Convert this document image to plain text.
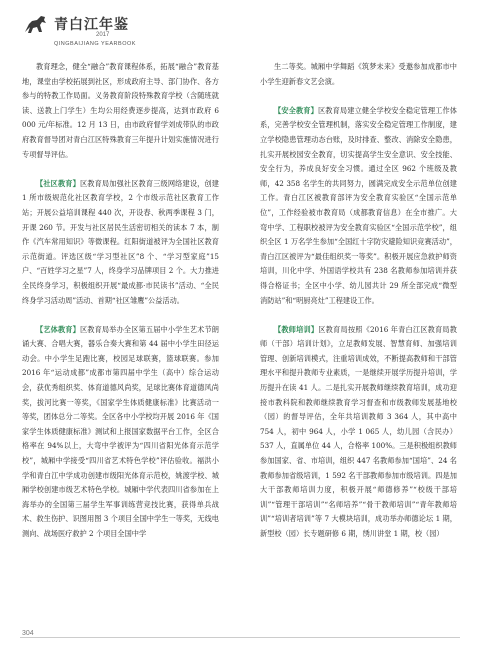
青白江年鉴
2017
QINGBAIJIANG YEARBOOK

教育理念，健全“融合”教育课程体系，拓展“融合”教育基地，课堂由学校拓展到社区，形成政府主导、部门协作、各方参与的特教工作局面。义务教育阶段特殊教育学校（含随班就读、送教上门学生）生均公用经费逐步提高，达到市政府 6 000 元/年标准。12 月 13 日，由市政府督学刘成带队的市政府教育督导团对青白江区特殊教育三年提升计划实施情况进行专项督导评估。

【社区教育】区教育局加强社区教育三级网络建设，创建 1 所市级规范化社区教育学校，2 个市级示范社区教育工作站；开展公益培训课程 440 次，开设春、秋两季课程 3 门，开课 260 节。开发与社区居民生活密切相关的读本 7 本，制作《汽车常用知识》等微课程。红阳街道被评为全国社区教育示范街道。评选区级“学习型社区”8 个、“学习型家庭”15 户、“百姓学习之星”7 人，终身学习品牌项目 2 个。大力推进全民终身学习，积极组织开展“最成都·市民读书”活动、“全民终身学习活动周”活动、首期“社区雏鹰”公益活动。

【艺体教育】区教育局举办全区第五届中小学生艺术节朗诵大赛、合唱大赛，器乐合奏大赛和第 44 届中小学生田径运动会。中小学生足跑比赛，校园足球联赛，篮球联赛。参加 2016 年“运动成都”成都市第四届中学生（高中）综合运动会，获优秀组织奖、体育道德风尚奖，足球比赛体育道德风尚奖，拔河比赛一等奖，《国家学生体质健康标准》比赛活动一等奖，团体总分二等奖。全区各中小学校均开展 2016 年《国家学生体质健康标准》测试和上报国家数据平台工作，全区合格率在 94%以上，大弯中学被评为“四川省阳光体育示范学校”，城厢中学接受“四川省艺术特色学校”评估验收。福洪小学和青白江中学成功创建市级阳光体育示范校，姚渡学校、城厢学校创建市级艺术特色学校。城厢中学代表四川省参加在上海举办的全国第三届学生军事训练营竞技比赛，获得单兵战术、救生伤护、识图用图 3 个项目全国中学生一等奖，无线电测向、战场医疗救护 2 个项目全国中学

生二等奖。城厢中学舞蹈《筑梦未来》受邀参加成都市中小学生迎新春文艺会演。

【安全教育】区教育局建立健全学校安全稳定管理工作体系，完善学校安全管理机制，落实安全稳定管理工作制度，建立学校隐患管理动态台账，及时排查、整改、消除安全隐患，扎实开展校园安全教育，切实提高学生安全意识、安全技能、安全行为，养成良好安全习惯。通过全区 962 个班级及教师，42 358 名学生的共同努力，圆满完成安全示范单位创建工作。青白江区被教育部评为安全教育实验区“全国示范单位”，工作经验被市教育局（成都教育信息）在全市推广。大弯中学、工程职校被评为安全教育实验区“全国示范学校”，组织全区 1 万名学生参加“全国红十字防灾避险知识竞赛活动”，青白江区被评为“最佳组织奖一等奖”。积极开展应急救护师资培训，川化中学、外国语学校共有 238 名教师参加培训并获得合格证书；全区中小学、幼儿园共计 29 所全部完成“微型消防站”和“明厨亮灶”工程建设工作。

【教师培训】区教育局按照《2016 年青白江区教育局教师（干部）培训计划》，立足教师发展、智慧育师、加强培训管理、创新培训模式，注重培训成效，不断提高教师和干部管理水平和提升教师专业素质，一是继续开展学历提升培训，学历提升在读 41 人。二是扎实开展教师继续教育培训，成功迎接市教科院和教师继续教育学习督查和市级教师发展基地校（园）的督导评估，全年共培训教师 3 364 人，其中高中 754 人，初中 964 人，小学 1 065 人，幼儿园（含民办）537 人，直属单位 44 人，合格率 100%。三是积极组织教师参加国家、省、市培训，组织 447 名教师参加“国培”、24 名教师参加省级培训，1 592 名干部教师参加市级培训。四是加大干部教师培训力度，积极开展“师德修养”“校级干部培训”“管理干部培训”“名师培养”“骨干教师培训”“青年教师培训”“培训者培训”等 7 大模块培训，成功举办师德论坛 1 期，新型校（园）长专题研修 6 期，绣川讲堂 1 期，校（园）

304
